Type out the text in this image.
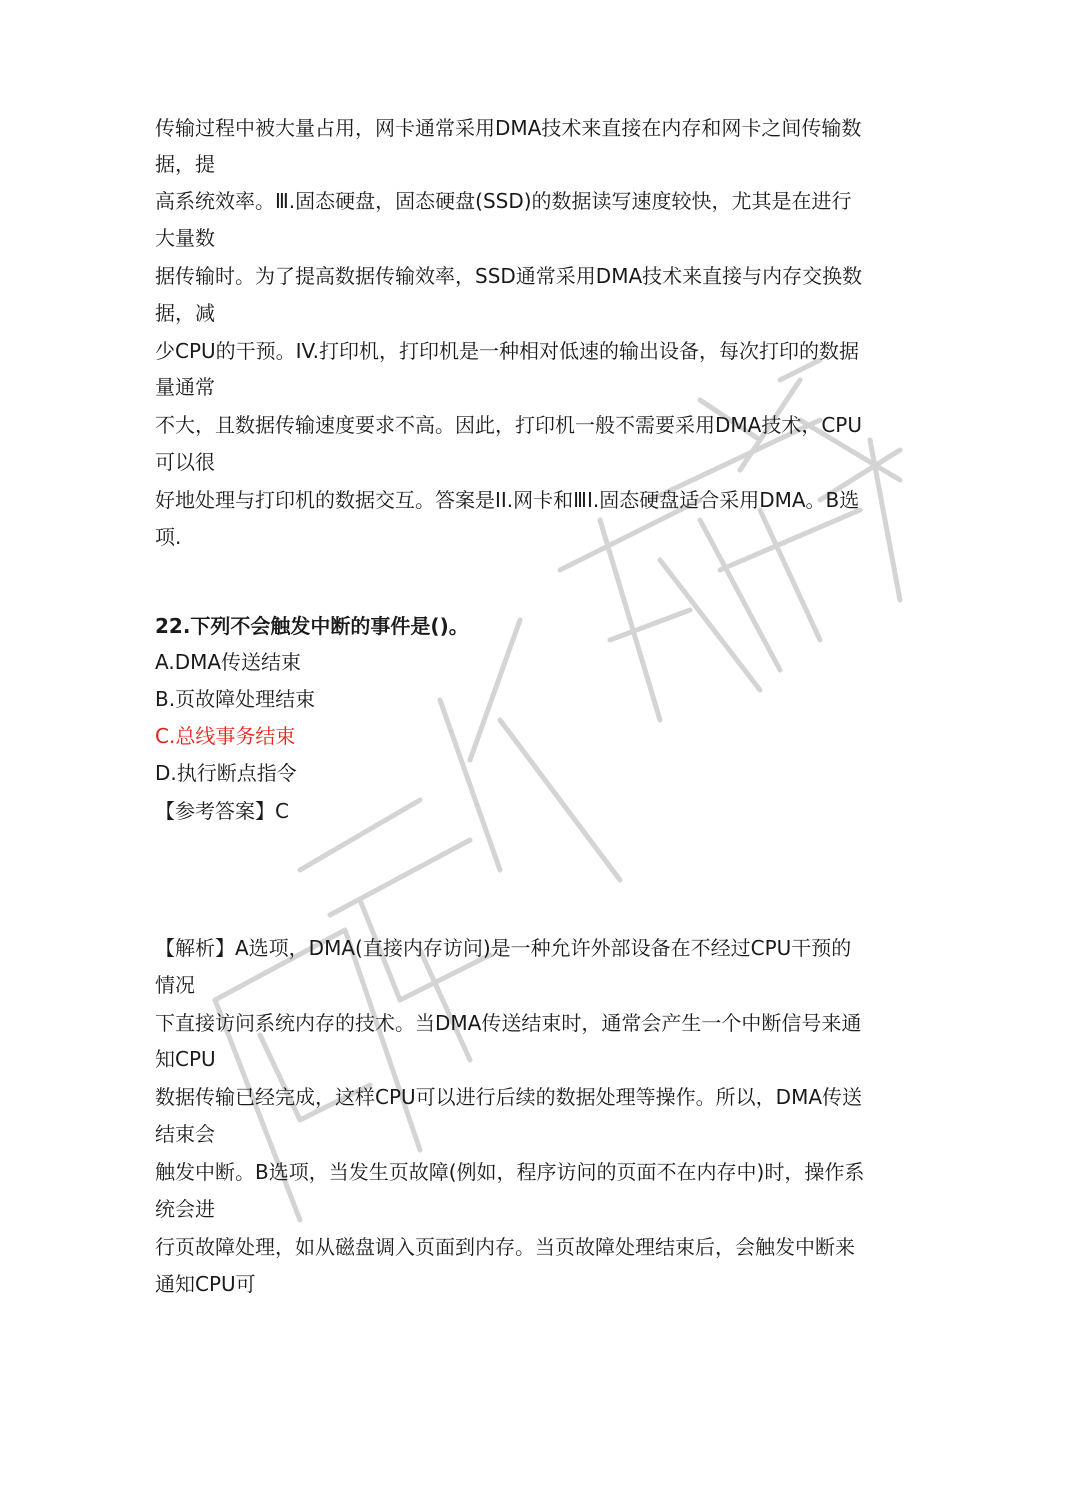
传输过程中被大量占用，网卡通常采用DMA技术来直接在内存和网卡之间传输数
据，提
高系统效率。Ⅲ.固态硬盘，固态硬盘(SSD)的数据读写速度较快，尤其是在进行
大量数
据传输时。为了提高数据传输效率，SSD通常采用DMA技术来直接与内存交换数
据，减
少CPU的干预。IV.打印机，打印机是一种相对低速的输出设备，每次打印的数据
量通常
不大，且数据传输速度要求不高。因此，打印机一般不需要采用DMA技术，CPU
可以很
好地处理与打印机的数据交互。答案是II.网卡和ⅢI.固态硬盘适合采用DMA。B选
项.
22.下列不会触发中断的事件是()。
A.DMA传送结束
B.页故障处理结束
C.总线事务结束
D.执行断点指令
【参考答案】C
【解析】A选项，DMA(直接内存访问)是一种允许外部设备在不经过CPU干预的
情况
下直接访问系统内存的技术。当DMA传送结束时，通常会产生一个中断信号来通
知CPU
数据传输已经完成，这样CPU可以进行后续的数据处理等操作。所以，DMA传送
结束会
触发中断。B选项，当发生页故障(例如，程序访问的页面不在内存中)时，操作系
统会进
行页故障处理，如从磁盘调入页面到内存。当页故障处理结束后，会触发中断来
通知CPU可
